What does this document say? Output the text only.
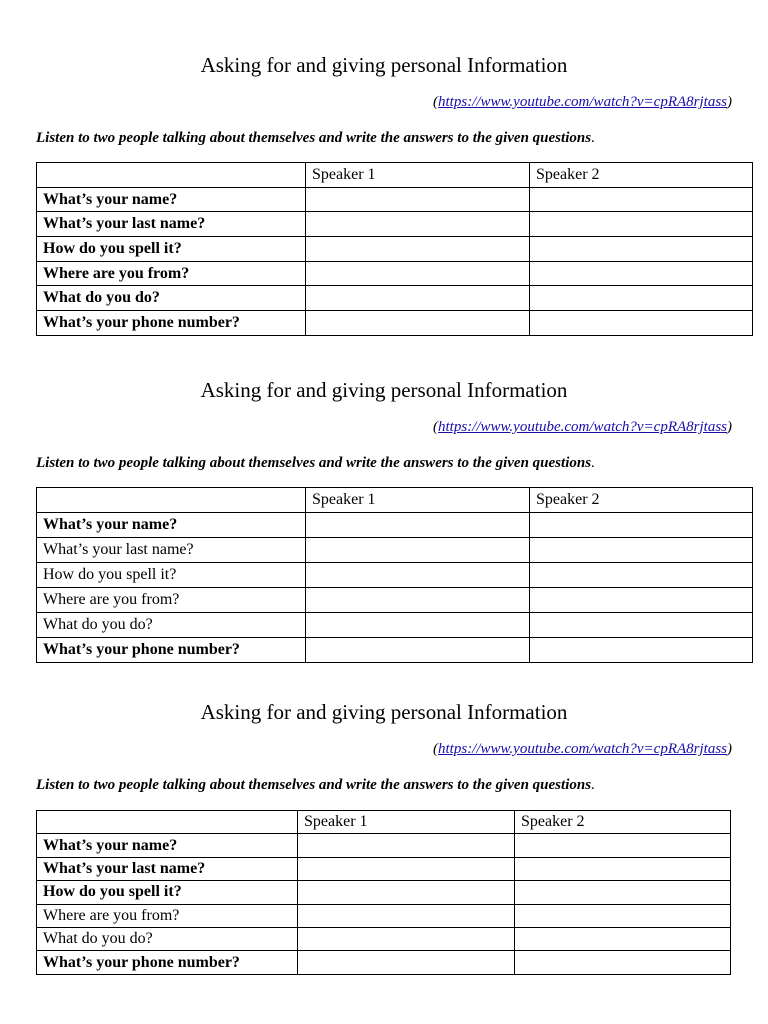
Asking for and giving personal Information
(https://www.youtube.com/watch?v=cpRA8rjtass)
Listen to two people talking about themselves and write the answers to the given questions.
	Speaker 1	Speaker 2
What’s your name?		
What’s your last name?		
How do you spell it?		
Where are you from?		
What do you do?		
What’s your phone number?		
Asking for and giving personal Information
(https://www.youtube.com/watch?v=cpRA8rjtass)
Listen to two people talking about themselves and write the answers to the given questions.
	Speaker 1	Speaker 2
What’s your name?		
What’s your last name?		
How do you spell it?		
Where are you from?		
What do you do?		
What’s your phone number?		
Asking for and giving personal Information
(https://www.youtube.com/watch?v=cpRA8rjtass)
Listen to two people talking about themselves and write the answers to the given questions.
	Speaker 1	Speaker 2
What’s your name?		
What’s your last name?		
How do you spell it?		
Where are you from?		
What do you do?		
What’s your phone number?		
